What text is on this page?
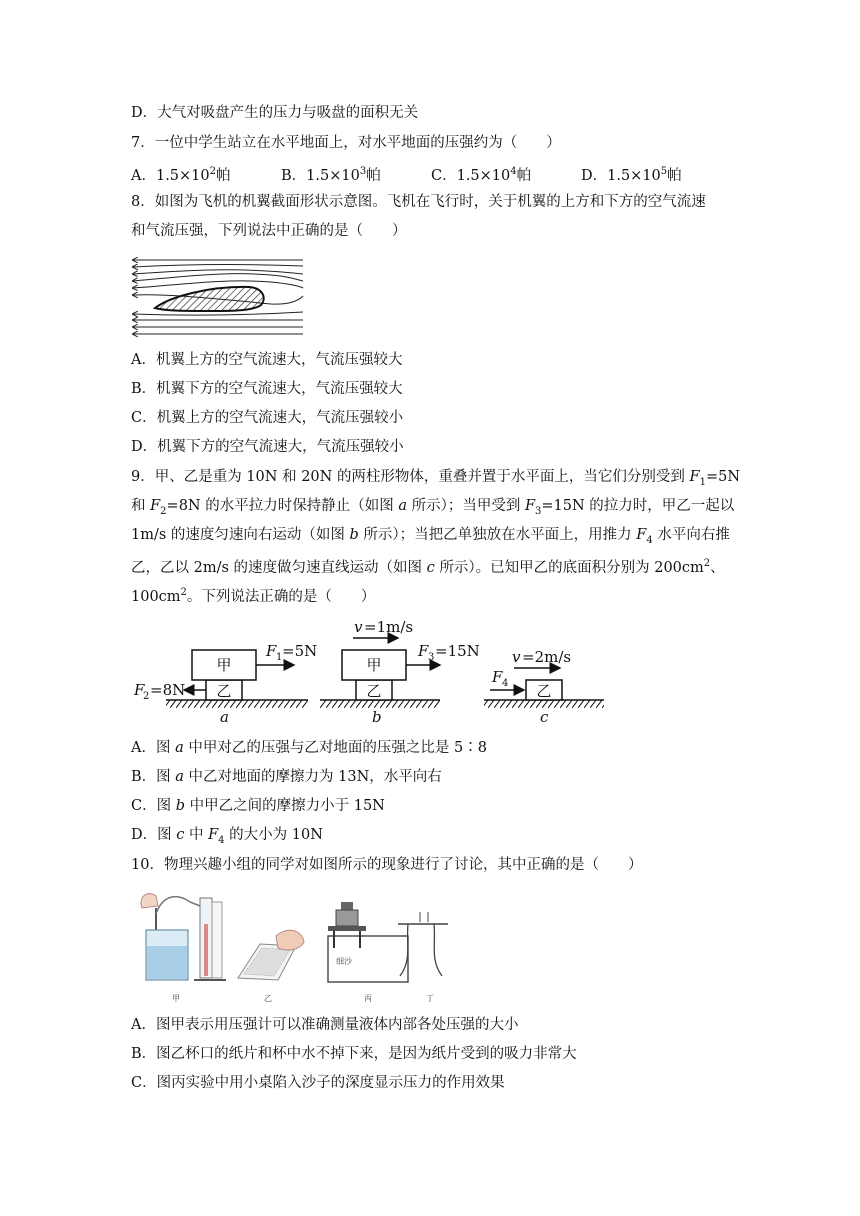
D．大气对吸盘产生的压力与吸盘的面积无关
7．一位中学生站立在水平地面上，对水平地面的压强约为（　　）
A．$1.5\times 10^2$帕	B．$1.5\times 10^3$帕	C．$1.5\times 10^4$帕	D．$1.5\times 10^5$帕
8．如图为飞机的机翼截面形状示意图。飞机在飞行时，关于机翼的上方和下方的空气流速
和气流压强，下列说法中正确的是（　　）
A．机翼上方的空气流速大，气流压强较大
B．机翼下方的空气流速大，气流压强较大
C．机翼上方的空气流速大，气流压强较小
D．机翼下方的空气流速大，气流压强较小
9．甲、乙是重为 10N 和 20N 的两柱形物体，重叠并置于水平面上，当它们分别受到 $F_1=5N$
和 $F_2=8N$ 的水平拉力时保持静止（如图 a 所示）；当甲受到 $F_3=15N$ 的拉力时，甲乙一起以
1m/s 的速度匀速向右运动（如图 b 所示）；当把乙单独放在水平面上，用推力 $F_4$ 水平向右推
乙，乙以 2m/s 的速度做匀速直线运动（如图 c 所示）。已知甲乙的底面积分别为 $200cm^2$、
$100cm^2$。下列说法正确的是（　　）
甲
乙
F 1 =5N
F
2 =8N
a
甲
乙
v =1m/s
F 3 =15N
b
乙
v =2m/s
F 4
c
A．图 a 中甲对乙的压强与乙对地面的压强之比是 5∶8
B．图 a 中乙对地面的摩擦力为 13N，水平向右
C．图 b 中甲乙之间的摩擦力小于 15N
D．图 c 中 $F_4$ 的大小为 10N
10．物理兴趣小组的同学对如图所示的现象进行了讨论，其中正确的是（　　）
甲	乙
细沙
丙	丁
A．图甲表示用压强计可以准确测量液体内部各处压强的大小
B．图乙杯口的纸片和杯中水不掉下来，是因为纸片受到的吸力非常大
C．图丙实验中用小桌陷入沙子的深度显示压力的作用效果
